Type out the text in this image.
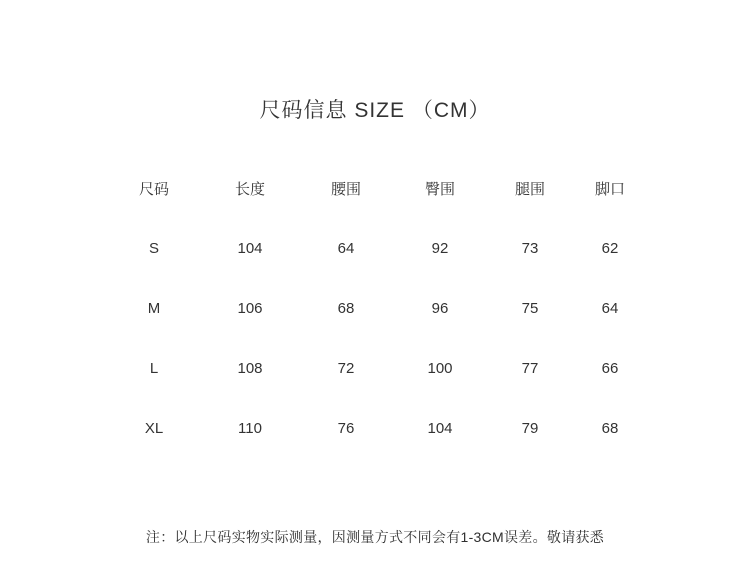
尺码信息 SIZE （CM）
尺码	长度	腰围	臀围	腿围	脚口
S	104	64	92	73	62
M	106	68	96	75	64
L	108	72	100	77	66
XL	110	76	104	79	68
注：以上尺码实物实际测量，因测量方式不同会有1-3CM误差。敬请获悉
